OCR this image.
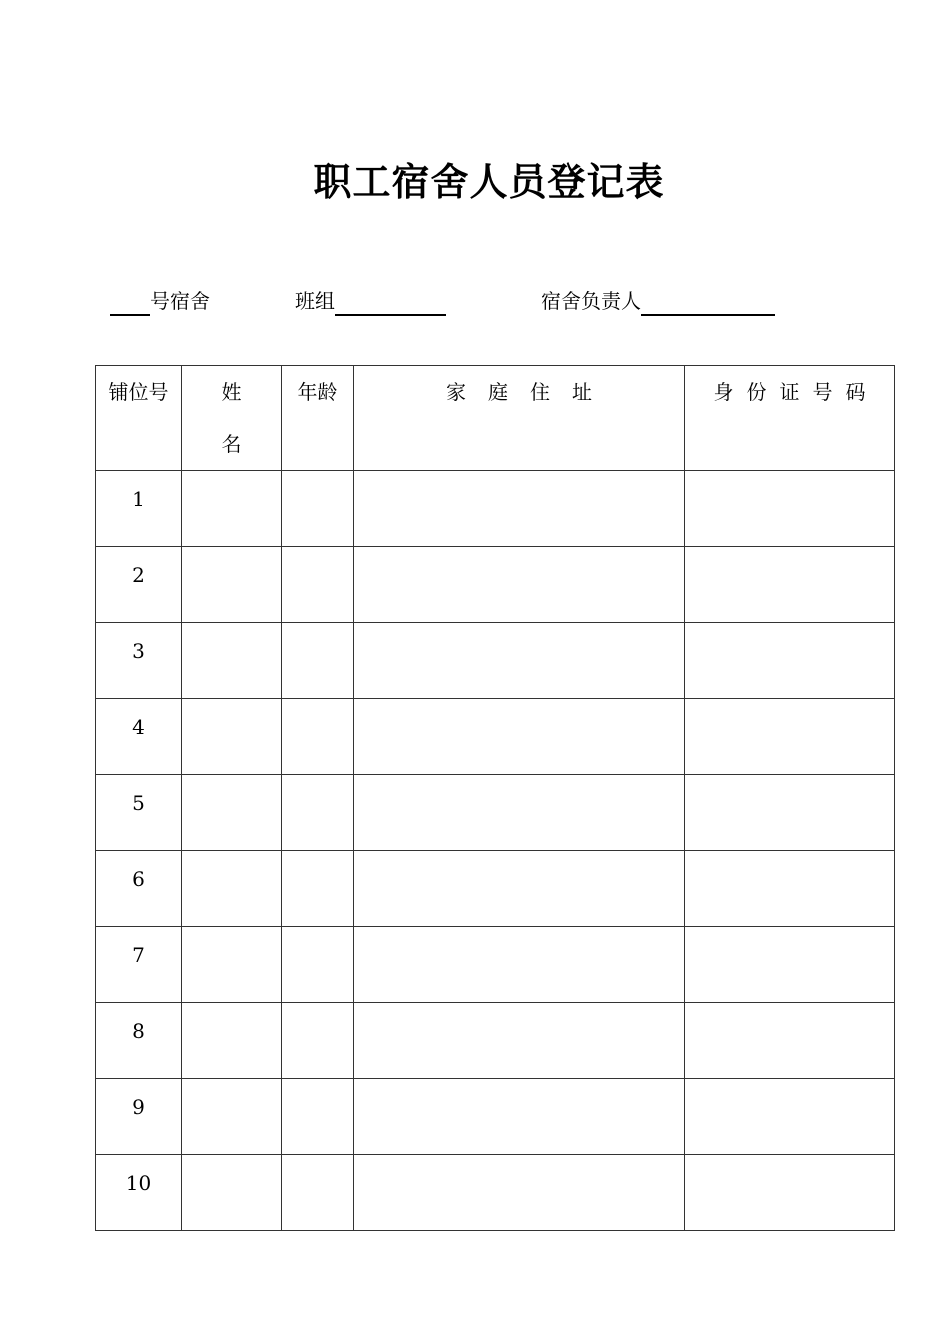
职工宿舍人员登记表
号宿舍	班组	宿舍负责人
铺位号	姓名	年龄	家庭住址	身份证号码
1				
2				
3				
4				
5				
6				
7				
8				
9				
10				
